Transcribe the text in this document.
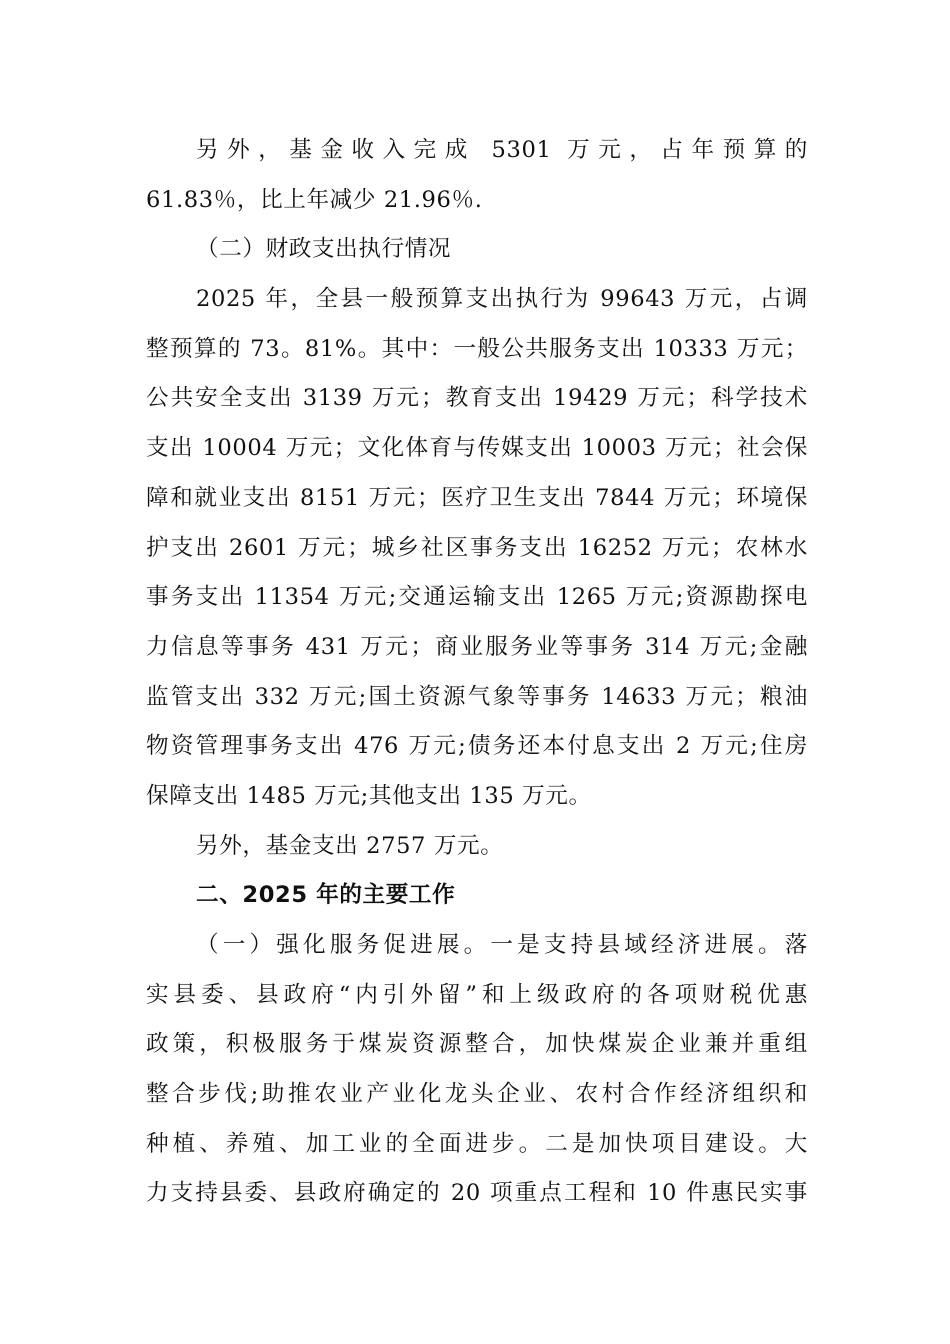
另外，基金收入完成 5301 万元，占年预算的
61.83％，比上年减少 21.96％.
（二）财政支出执行情况
2025 年，全县一般预算支出执行为 99643 万元，占调
整预算的 73。81%。其中：一般公共服务支出 10333 万元；
公共安全支出 3139 万元；教育支出 19429 万元；科学技术
支出 10004 万元；文化体育与传媒支出 10003 万元；社会保
障和就业支出 8151 万元；医疗卫生支出 7844 万元；环境保
护支出 2601 万元；城乡社区事务支出 16252 万元；农林水
事务支出 11354 万元;交通运输支出 1265 万元;资源勘探电
力信息等事务 431 万元；商业服务业等事务 314 万元;金融
监管支出 332 万元;国土资源气象等事务 14633 万元；粮油
物资管理事务支出 476 万元;债务还本付息支出 2 万元;住房
保障支出 1485 万元;其他支出 135 万元。
另外，基金支出 2757 万元。
二、2025 年的主要工作
（一）强化服务促进展。一是支持县域经济进展。落
实县委、县政府“内引外留”和上级政府的各项财税优惠
政策，积极服务于煤炭资源整合，加快煤炭企业兼并重组
整合步伐;助推农业产业化龙头企业、农村合作经济组织和
种植、养殖、加工业的全面进步。二是加快项目建设。大
力支持县委、县政府确定的 20 项重点工程和 10 件惠民实事
